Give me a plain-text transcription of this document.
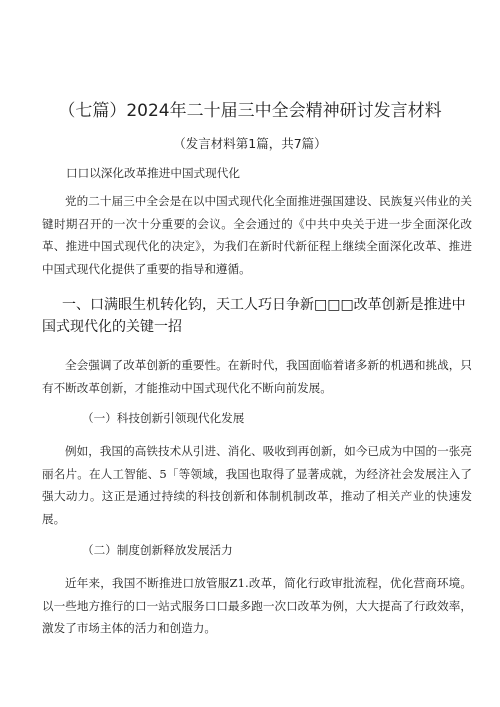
（七篇）2024年二十届三中全会精神研讨发言材料
（发言材料第1篇，共7篇）

口口以深化改革推进中国式现代化

党的二十届三中全会是在以中国式现代化全面推进强国建设、民族复兴伟业的关键时期召开的一次十分重要的会议。全会通过的《中共中央关于进一步全面深化改革、推进中国式现代化的决定》，为我们在新时代新征程上继续全面深化改革、推进中国式现代化提供了重要的指导和遵循。

一、口满眼生机转化钧，天工人巧日争新□□□改革创新是推进中国式现代化的关键一招

全会强调了改革创新的重要性。在新时代，我国面临着诸多新的机遇和挑战，只有不断改革创新，才能推动中国式现代化不断向前发展。

（一）科技创新引领现代化发展

例如，我国的高铁技术从引进、消化、吸收到再创新，如今已成为中国的一张亮丽名片。在人工智能、5「等领域，我国也取得了显著成就，为经济社会发展注入了强大动力。这正是通过持续的科技创新和体制机制改革，推动了相关产业的快速发展。

（二）制度创新释放发展活力

近年来，我国不断推进口放管服Z1.改革，简化行政审批流程，优化营商环境。以一些地方推行的口一站式服务口口最多跑一次口改革为例，大大提高了行政效率，激发了市场主体的活力和创造力。
